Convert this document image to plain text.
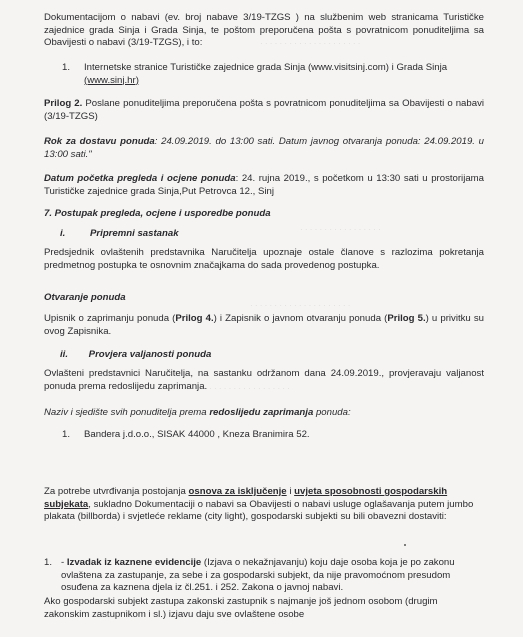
· · · · · · · · · · · · · · · · · · · · ·
· · · · · · · · · · · · · · · · ·
· · · · · · · · · · · · · · · · · · · · ·
· · · · · · · · · · · · · · · · · · · · · · · · ·
Dokumentacijom o nabavi (ev. broj nabave 3/19-TZGS ) na službenim web stranicama Turističke zajednice grada Sinja i Grada Sinja, te poštom preporučena pošta s povratnicom ponuditeljima sa Obavijesti o nabavi (3/19-TZGS), i to:
1. Internetske stranice Turističke zajednice grada Sinja (www.visitsinj.com) i Grada Sinja (www.sinj.hr)
Prilog 2. Poslane ponuditeljima preporučena pošta s povratnicom ponuditeljima sa Obavijesti o nabavi (3/19-TZGS)
Rok za dostavu ponuda: 24.09.2019. do 13:00 sati. Datum javnog otvaranja ponuda: 24.09.2019. u 13:00 sati."
Datum početka pregleda i ocjene ponuda: 24. rujna 2019., s početkom u 13:30 sati u prostorijama Turističke zajednice grada Sinja,Put Petrovca 12., Sinj
7. Postupak pregleda, ocjene i usporedbe ponuda
i.	Pripremni sastanak
Predsjednik ovlaštenih predstavnika Naručitelja upoznaje ostale članove s razlozima pokretanja predmetnog postupka te osnovnim značajkama do sada provedenog postupka.
Otvaranje ponuda
Upisnik o zaprimanju ponuda (Prilog 4.) i Zapisnik o javnom otvaranju ponuda (Prilog 5.) u privitku su ovog Zapisnika.
ii. Provjera valjanosti ponuda
Ovlašteni predstavnici Naručitelja, na sastanku održanom dana 24.09.2019., provjeravaju valjanost ponuda prema redoslijedu zaprimanja.
Naziv i sjedište svih ponuditelja prema redoslijedu zaprimanja ponuda:
1. Bandera j.d.o.o., SISAK 44000 , Kneza Branimira 52.
Za potrebe utvrđivanja postojanja osnova za isključenje i uvjeta sposobnosti gospodarskih subjekata, sukladno Dokumentaciji o nabavi sa Obavijesti o nabavi usluge oglašavanja putem jumbo plakata (billborda) i svjetleće reklame (city light), gospodarski subjekti su bili obavezni dostaviti:
1. - Izvadak iz kaznene evidencije (Izjava o nekažnjavanju) koju daje osoba koja je po zakonu ovlaštena za zastupanje, za sebe i za gospodarski subjekt, da nije pravomoćnom presudom osuđena za kaznena djela iz čl.251. i 252. Zakona o javnoj nabavi.
Ako gospodarski subjekt zastupa zakonski zastupnik s najmanje još jednom osobom (drugim zakonskim zastupnikom i sl.) izjavu daju sve ovlaštene osobe
